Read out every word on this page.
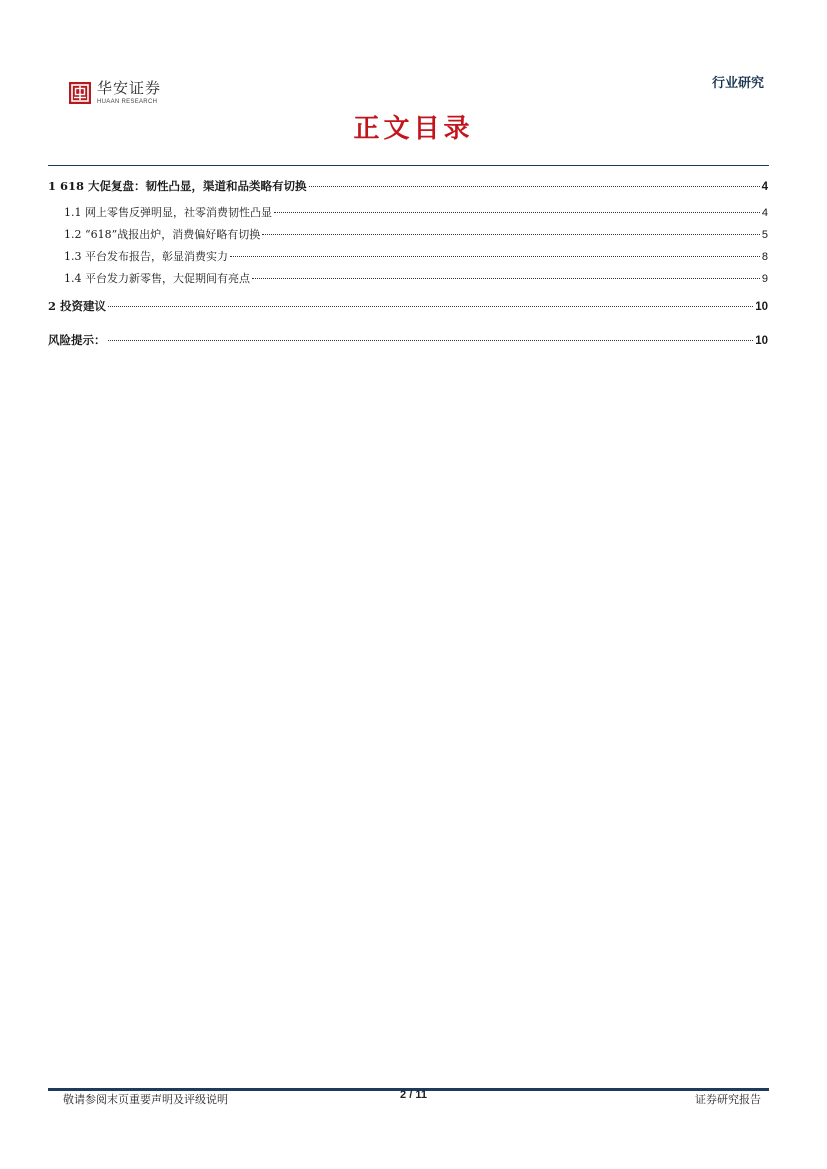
华安证券
HUAAN RESEARCH
行业研究
正文目录
1 618 大促复盘：韧性凸显，渠道和品类略有切换	4
1.1 网上零售反弹明显，社零消费韧性凸显	4
1.2 “618”战报出炉，消费偏好略有切换	5
1.3 平台发布报告，彰显消费实力	8
1.4 平台发力新零售，大促期间有亮点	9
2 投资建议	10
风险提示：	10
敬请参阅末页重要声明及评级说明	2 / 11	证券研究报告
